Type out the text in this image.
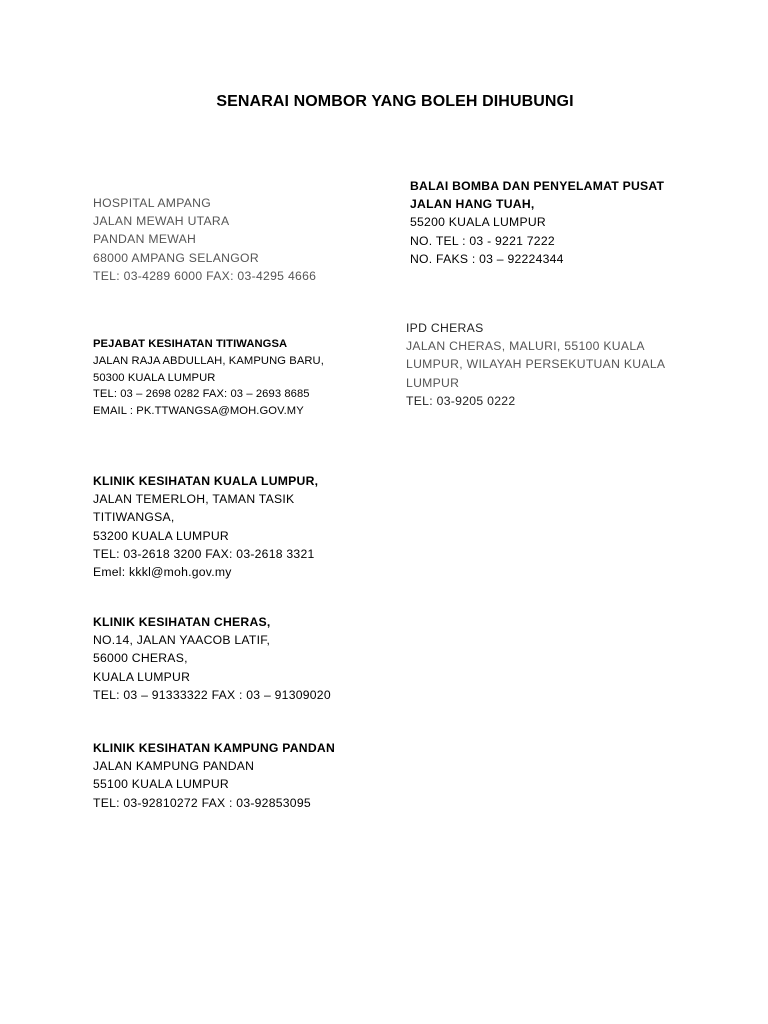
SENARAI NOMBOR YANG BOLEH DIHUBUNGI
HOSPITAL AMPANG
JALAN MEWAH UTARA
PANDAN MEWAH
68000 AMPANG SELANGOR
TEL: 03-4289 6000 FAX: 03-4295 4666
BALAI BOMBA DAN PENYELAMAT PUSAT
JALAN HANG TUAH,
55200 KUALA LUMPUR
NO. TEL : 03 - 9221 7222
NO. FAKS : 03 – 92224344
PEJABAT KESIHATAN TITIWANGSA
JALAN RAJA ABDULLAH, KAMPUNG BARU,
50300 KUALA LUMPUR
TEL: 03 – 2698 0282 FAX: 03 – 2693 8685
EMAIL : PK.TTWANGSA@MOH.GOV.MY
IPD CHERAS
JALAN CHERAS, MALURI, 55100 KUALA
LUMPUR, WILAYAH PERSEKUTUAN KUALA
LUMPUR
TEL: 03-9205 0222
KLINIK KESIHATAN KUALA LUMPUR,
JALAN TEMERLOH, TAMAN TASIK
TITIWANGSA,
53200 KUALA LUMPUR
TEL: 03-2618 3200 FAX: 03-2618 3321
Emel: kkkl@moh.gov.my
KLINIK KESIHATAN CHERAS,
NO.14, JALAN YAACOB LATIF,
56000 CHERAS,
KUALA LUMPUR
TEL: 03 – 91333322 FAX : 03 – 91309020
KLINIK KESIHATAN KAMPUNG PANDAN
JALAN KAMPUNG PANDAN
55100 KUALA LUMPUR
TEL: 03-92810272 FAX : 03-92853095
